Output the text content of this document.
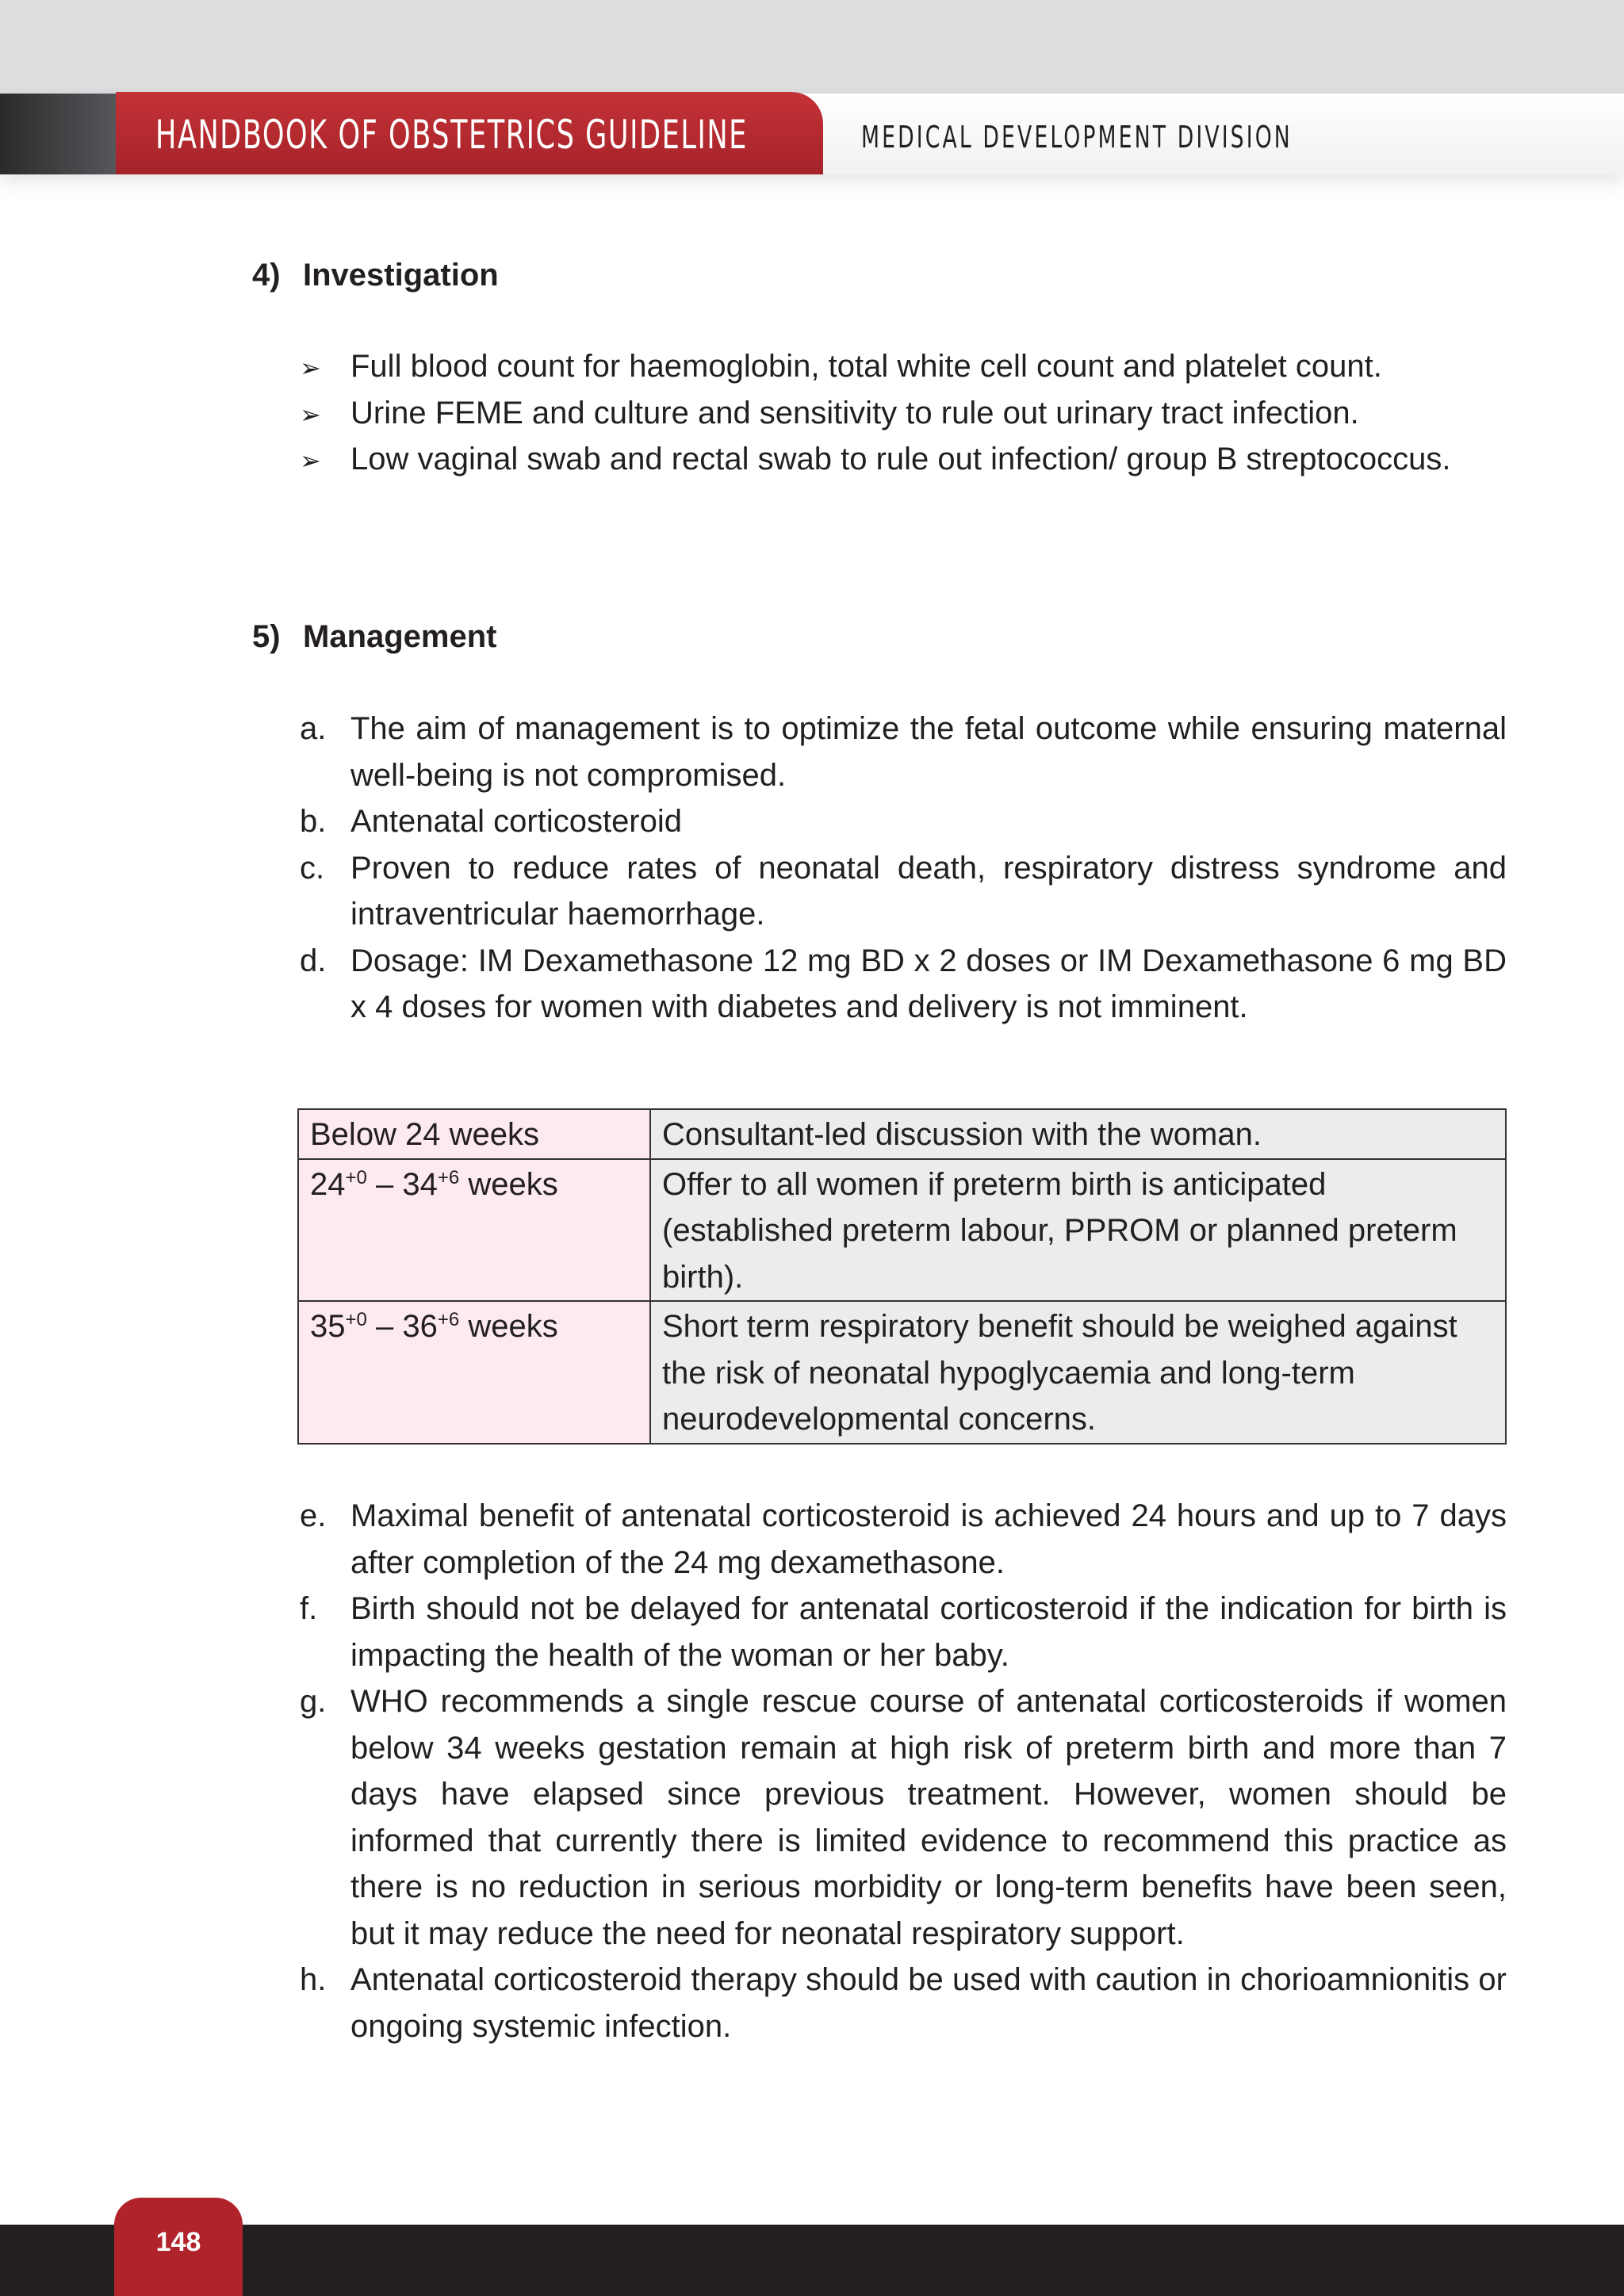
HANDBOOK OF OBSTETRICS GUIDELINE	MEDICAL DEVELOPMENT DIVISION
4) Investigation
➢ Full blood count for haemoglobin, total white cell count and platelet count.
➢ Urine FEME and culture and sensitivity to rule out urinary tract infection.
➢ Low vaginal swab and rectal swab to rule out infection/ group B streptococcus.
5) Management
a. The aim of management is to optimize the fetal outcome while ensuring maternal well-being is not compromised.
b. Antenatal corticosteroid
c. Proven to reduce rates of neonatal death, respiratory distress syndrome and intraventricular haemorrhage.
d. Dosage: IM Dexamethasone 12 mg BD x 2 doses or IM Dexamethasone 6 mg BD x 4 doses for women with diabetes and delivery is not imminent.
Below 24 weeks	Consultant-led discussion with the woman.
$24^{+0} - 34^{+6}$ weeks	Offer to all women if preterm birth is anticipated (established preterm labour, PPROM or planned preterm birth).
$35^{+0} - 36^{+6}$ weeks	Short term respiratory benefit should be weighed against the risk of neonatal hypoglycaemia and long-term neurodevelopmental concerns.
e. Maximal benefit of antenatal corticosteroid is achieved 24 hours and up to 7 days after completion of the 24 mg dexamethasone.
f.	Birth should not be delayed for antenatal corticosteroid if the indication for birth is impacting the health of the woman or her baby.
g. WHO recommends a single rescue course of antenatal corticosteroids if women below 34 weeks gestation remain at high risk of preterm birth and more than 7 days have elapsed since previous treatment. However, women should be informed that currently there is limited evidence to recommend this practice as there is no reduction in serious morbidity or long-term benefits have been seen, but it may reduce the need for neonatal respiratory support.
h. Antenatal corticosteroid therapy should be used with caution in chorioamnionitis or ongoing systemic infection.
148
